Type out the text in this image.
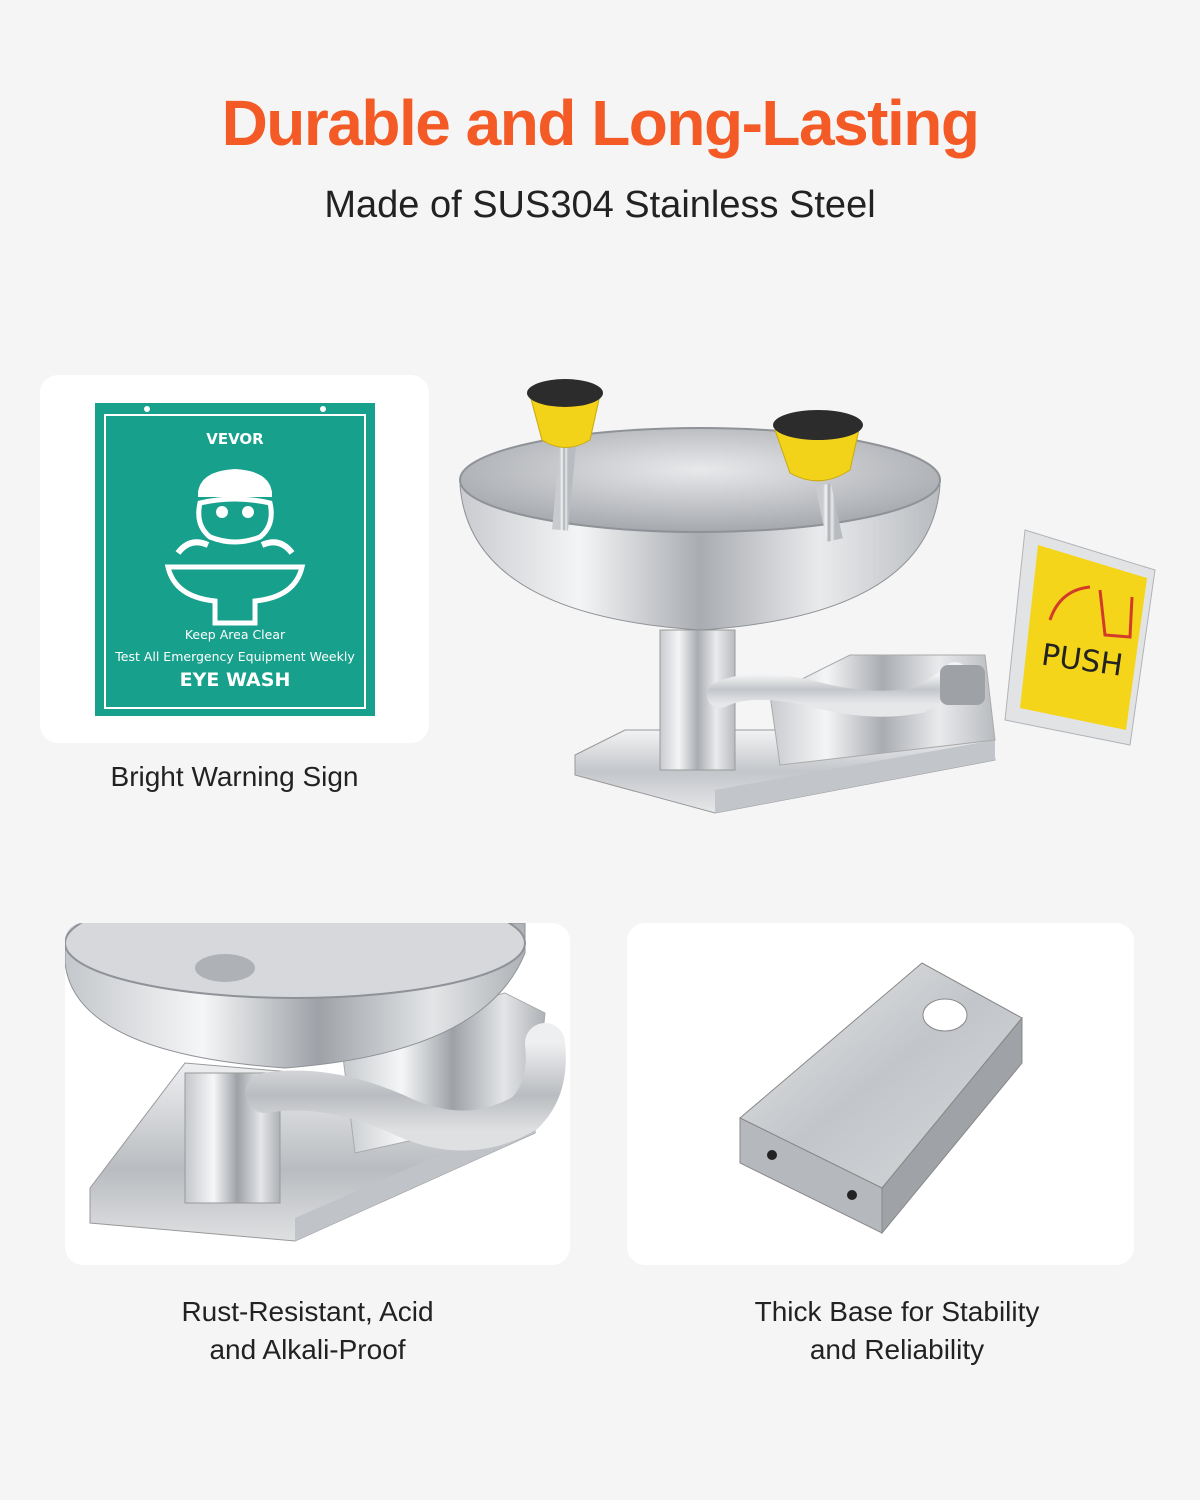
Durable and Long-Lasting
Made of SUS304 Stainless Steel
VEVOR
Keep Area Clear
Test All Emergency Equipment Weekly
EYE WASH
Bright Warning Sign
PUSH
Rust-Resistant, Acid
and Alkali-Proof
Thick Base for Stability
and Reliability
